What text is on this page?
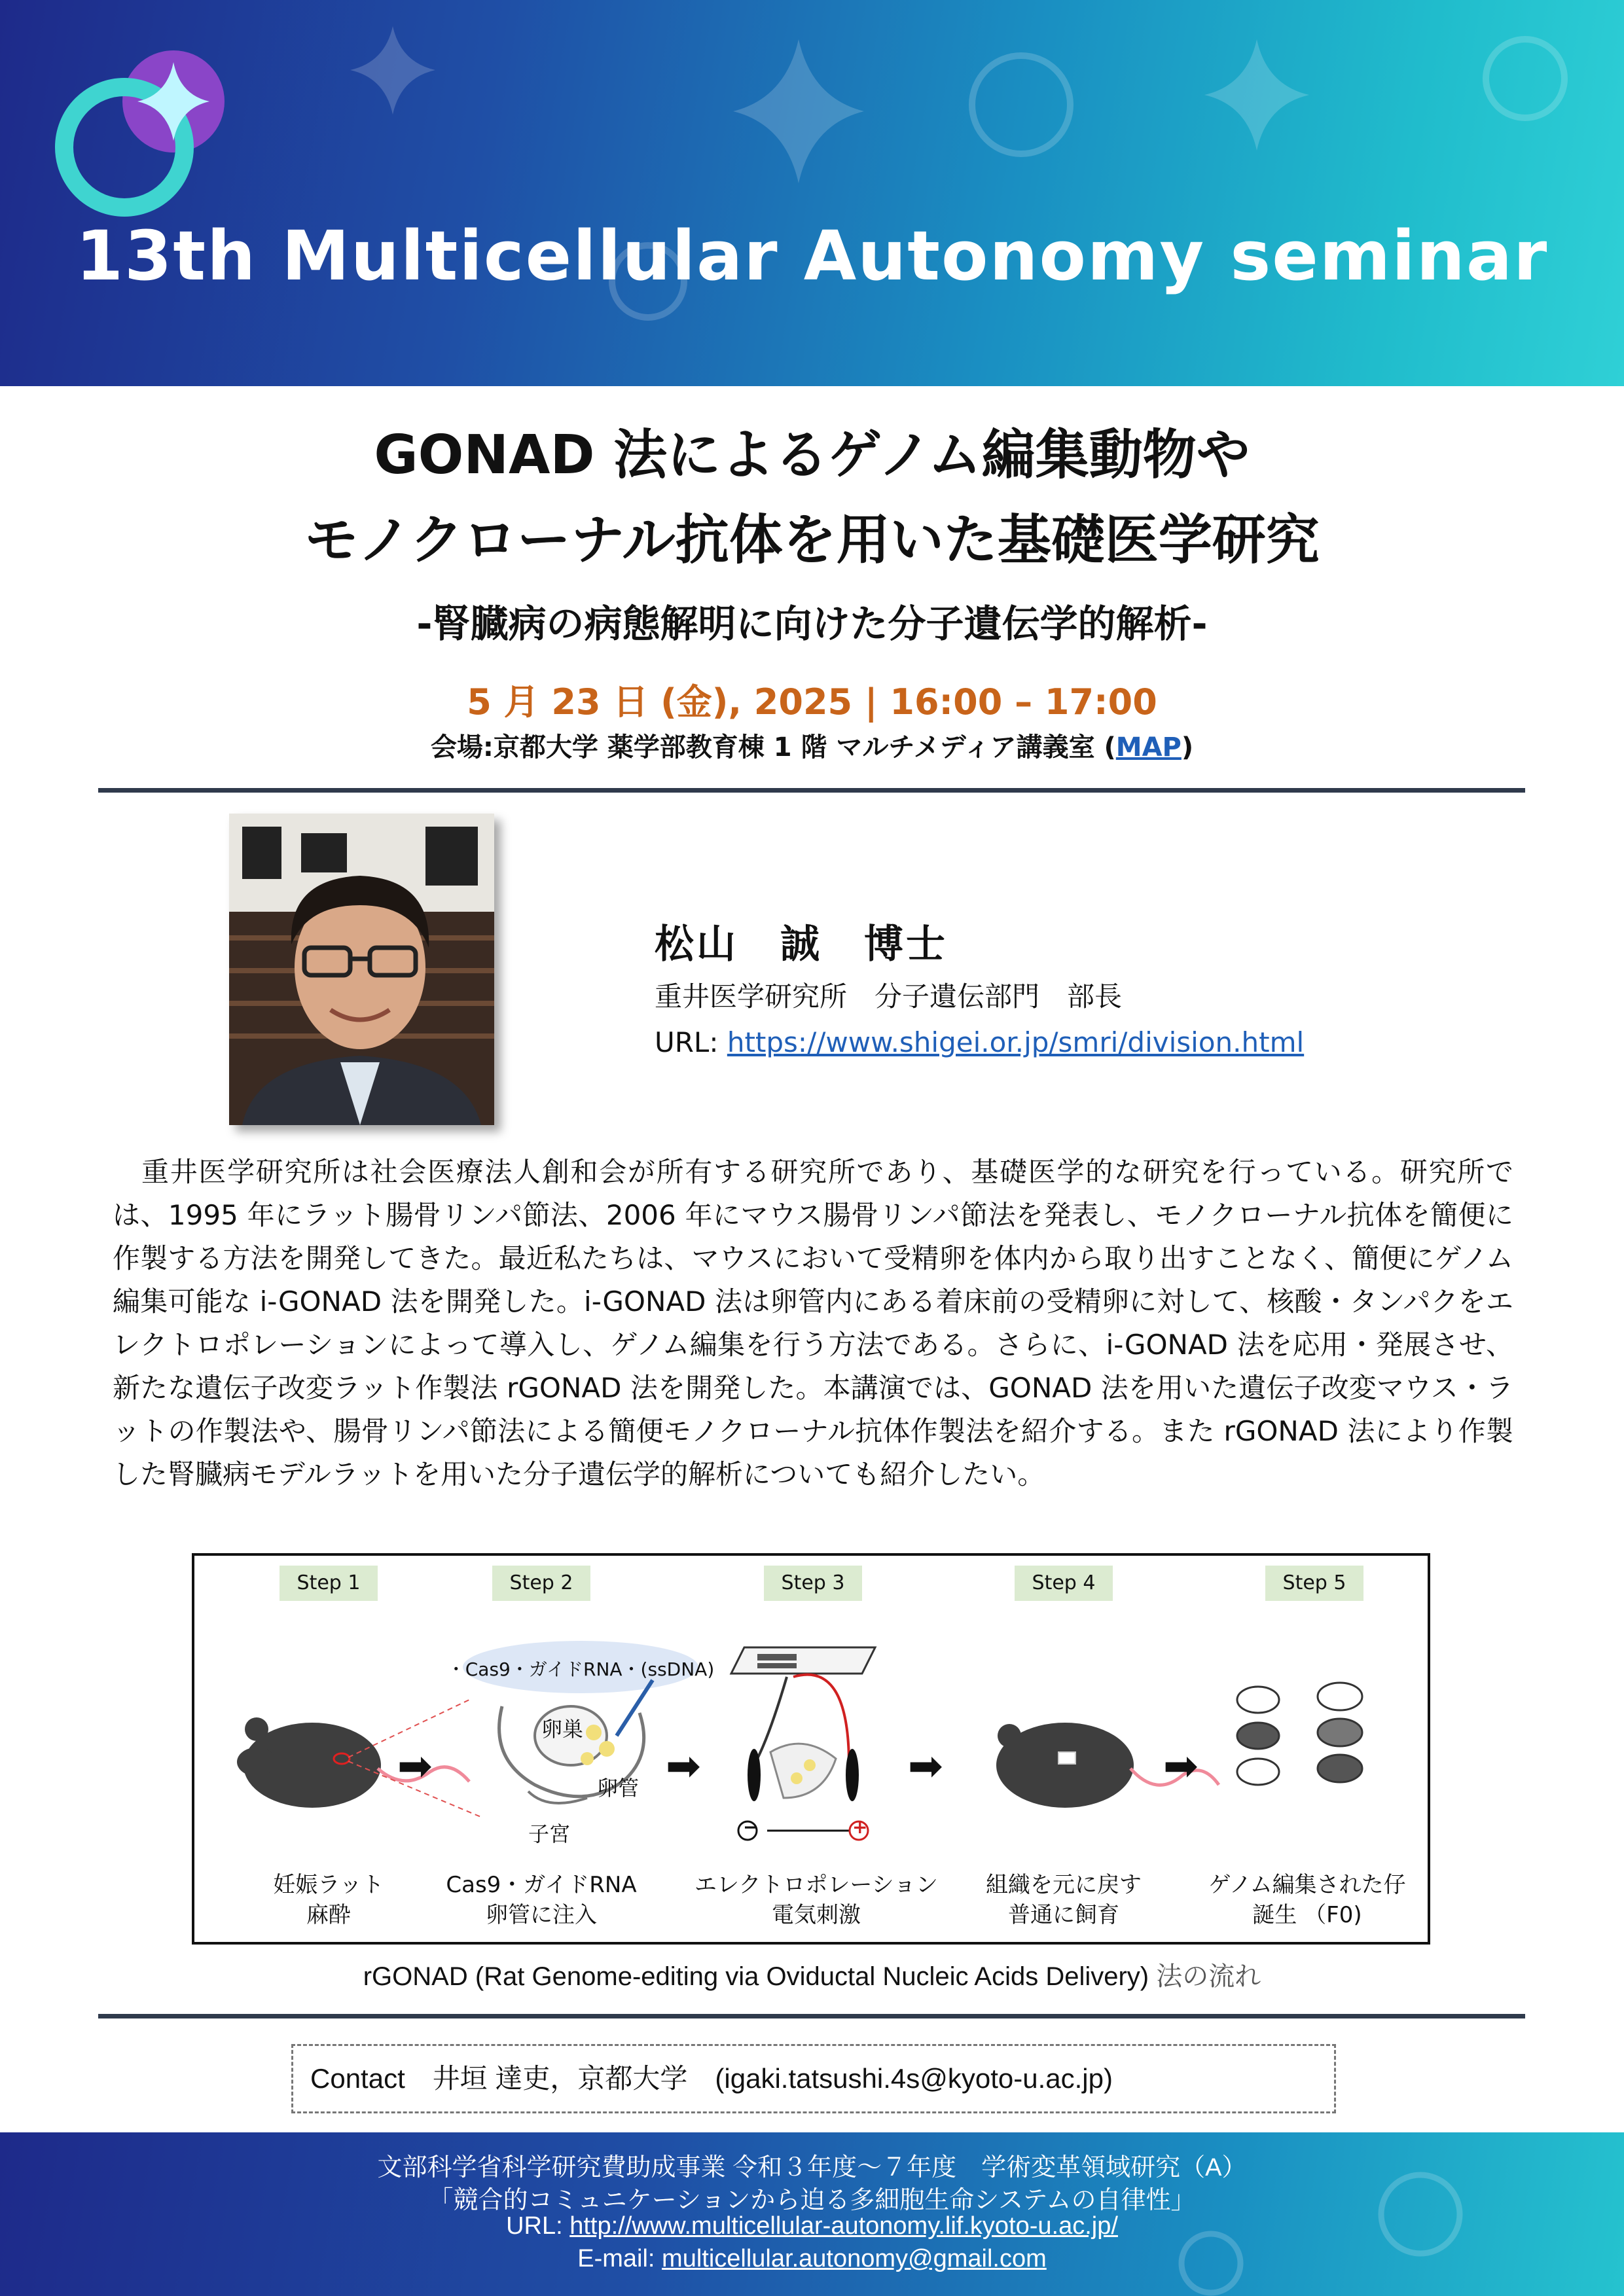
13th Multicellular Autonomy seminar
GONAD 法によるゲノム編集動物や
モノクローナル抗体を用いた基礎医学研究
-腎臓病の病態解明に向けた分子遺伝学的解析-
5 月 23 日 (金), 2025 | 16:00 – 17:00
会場:京都大学 薬学部教育棟 1 階 マルチメディア講義室 (MAP)
松山　誠　博士
重井医学研究所　分子遺伝部門　部長
URL: https://www.shigei.or.jp/smri/division.html

重井医学研究所は社会医療法人創和会が所有する研究所であり、基礎医学的な研究を行っている。研究所では、1995 年にラット腸骨リンパ節法、2006 年にマウス腸骨リンパ節法を発表し、モノクローナル抗体を簡便に作製する方法を開発してきた。最近私たちは、マウスにおいて受精卵を体内から取り出すことなく、簡便にゲノム編集可能な i-GONAD 法を開発した。i-GONAD 法は卵管内にある着床前の受精卵に対して、核酸・タンパクをエレクトロポレーションによって導入し、ゲノム編集を行う方法である。さらに、i-GONAD 法を応用・発展させ、新たな遺伝子改変ラット作製法 rGONAD 法を開発した。本講演では、GONAD 法を用いた遺伝子改変マウス・ラットの作製法や、腸骨リンパ節法による簡便モノクローナル抗体作製法を紹介する。また rGONAD 法により作製した腎臓病モデルラットを用いた分子遺伝学的解析についても紹介したい。

Step 1	Step 2	Step 3	Step 4	Step 5
・Cas9・ガイドRNA・(ssDNA)
卵巣
卵管
子宮	−	+
➡	➡	➡	➡
妊娠ラット
麻酔
Cas9・ガイドRNA
卵管に注入
エレクトロポレーション
電気刺激
組織を元に戻す
普通に飼育
ゲノム編集された仔
誕生 （F0)
rGONAD (Rat Genome-editing via Oviductal Nucleic Acids Delivery) 法の流れ
Contact　井垣 達吏，京都大学　(igaki.tatsushi.4s@kyoto-u.ac.jp)
文部科学省科学研究費助成事業 令和３年度～７年度　学術変革領域研究（A）
「競合的コミュニケーションから迫る多細胞生命システムの自律性」
URL: http://www.multicellular-autonomy.lif.kyoto-u.ac.jp/
E-mail: multicellular.autonomy@gmail.com
